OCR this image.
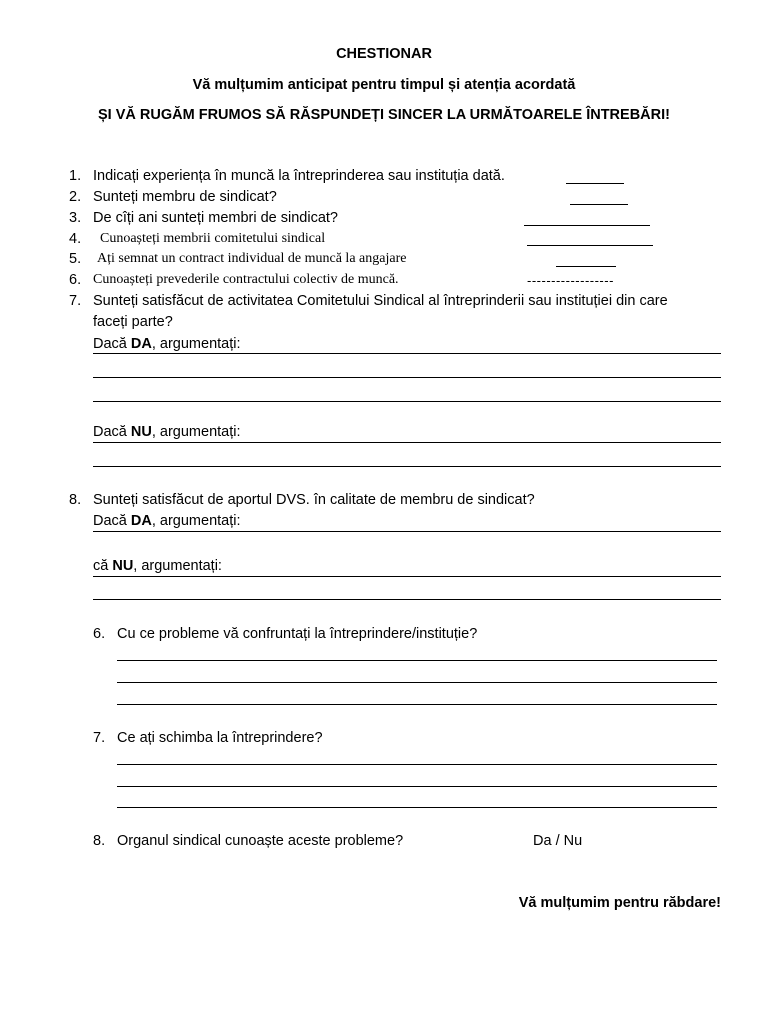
CHESTIONAR
Vă mulțumim anticipat pentru timpul și atenția acordată
ȘI VĂ RUGĂM FRUMOS SĂ RĂSPUNDEȚI SINCER LA URMĂTOARELE ÎNTREBĂRI!
1. Indicați experiența în muncă la întreprinderea sau instituția dată.
2. Sunteți membru de sindicat?
3. De cîți ani sunteți membri de sindicat?
4. Cunoașteți membrii comitetului sindical
5. Ați semnat un contract individual de muncă la angajare
6. Cunoașteți prevederile contractului colectiv de muncă.	------------------
7. Sunteți satisfăcut de activitatea Comitetului Sindical al întreprinderii sau instituției din care
faceți parte?
Dacă DA, argumentați:
Dacă NU, argumentați:
8. Sunteți satisfăcut de aportul DVS. în calitate de membru de sindicat?
Dacă DA, argumentați:
că NU, argumentați:
6. Cu ce probleme vă confruntați la întreprindere/instituție?
7. Ce ați schimba la întreprindere?
8. Organul sindical cunoaște aceste probleme?	Da / Nu
Vă mulțumim pentru răbdare!
